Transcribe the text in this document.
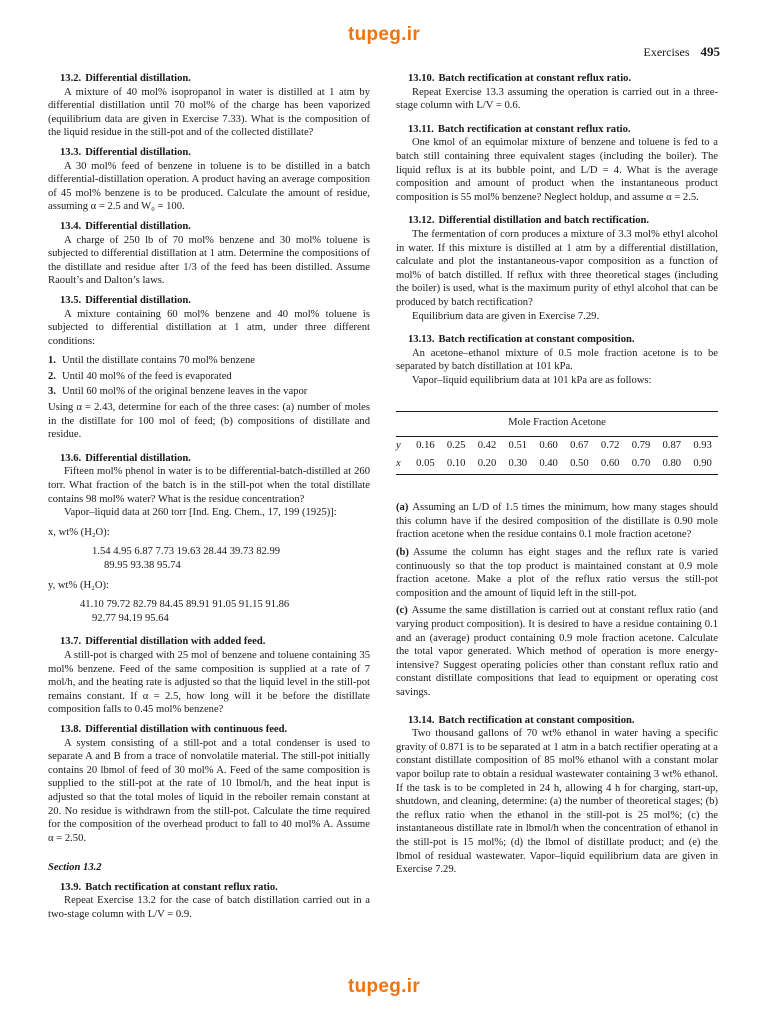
tupeg.ir
Exercises 495
13.2. Differential distillation.

A mixture of 40 mol% isopropanol in water is distilled at 1 atm by differential distillation until 70 mol% of the charge has been vaporized (equilibrium data are given in Exercise 7.33). What is the composition of the liquid residue in the still-pot and of the collected distillate?

13.3. Differential distillation.

A 30 mol% feed of benzene in toluene is to be distilled in a batch differential-distillation operation. A product having an average composition of 45 mol% benzene is to be produced. Calculate the amount of residue, assuming α = 2.5 and W₀ = 100.

13.4. Differential distillation.

A charge of 250 lb of 70 mol% benzene and 30 mol% toluene is subjected to differential distillation at 1 atm. Determine the compositions of the distillate and residue after 1/3 of the feed has been distilled. Assume Raoult’s and Dalton’s laws.

13.5. Differential distillation.

A mixture containing 60 mol% benzene and 40 mol% toluene is subjected to differential distillation at 1 atm, under three different conditions:

1. Until the distillate contains 70 mol% benzene
2. Until 40 mol% of the feed is evaporated
3. Until 60 mol% of the original benzene leaves in the vapor

Using α = 2.43, determine for each of the three cases: (a) number of moles in the distillate for 100 mol of feed; (b) compositions of distillate and residue.

13.6. Differential distillation.

Fifteen mol% phenol in water is to be differential-batch-distilled at 260 torr. What fraction of the batch is in the still-pot when the total distillate contains 98 mol% water? What is the residue concentration?

Vapor–liquid data at 260 torr [Ind. Eng. Chem., 17, 199 (1925)]:

x, wt% (H₂O):

1.54 4.95 6.87 7.73 19.63 28.44 39.73 82.99

89.95 93.38 95.74

y, wt% (H₂O):

41.10 79.72 82.79 84.45 89.91 91.05 91.15 91.86

92.77 94.19 95.64

13.7. Differential distillation with added feed.

A still-pot is charged with 25 mol of benzene and toluene containing 35 mol% benzene. Feed of the same composition is supplied at a rate of 7 mol/h, and the heating rate is adjusted so that the liquid level in the still-pot remains constant. If α = 2.5, how long will it be before the distillate composition falls to 0.45 mol% benzene?

13.8. Differential distillation with continuous feed.

A system consisting of a still-pot and a total condenser is used to separate A and B from a trace of nonvolatile material. The still-pot initially contains 20 lbmol of feed of 30 mol% A. Feed of the same composition is supplied to the still-pot at the rate of 10 lbmol/h, and the heat input is adjusted so that the total moles of liquid in the reboiler remain constant at 20. No residue is withdrawn from the still-pot. Calculate the time required for the composition of the overhead product to fall to 40 mol% A. Assume α = 2.50.

Section 13.2

13.9. Batch rectification at constant reflux ratio.

Repeat Exercise 13.2 for the case of batch distillation carried out in a two-stage column with L/V = 0.9.

13.10. Batch rectification at constant reflux ratio.

Repeat Exercise 13.3 assuming the operation is carried out in a three-stage column with L/V = 0.6.

13.11. Batch rectification at constant reflux ratio.

One kmol of an equimolar mixture of benzene and toluene is fed to a batch still containing three equivalent stages (including the boiler). The liquid reflux is at its bubble point, and L/D = 4. What is the average composition and amount of product when the instantaneous product composition is 55 mol% benzene? Neglect holdup, and assume α = 2.5.

13.12. Differential distillation and batch rectification.

The fermentation of corn produces a mixture of 3.3 mol% ethyl alcohol in water. If this mixture is distilled at 1 atm by a differential distillation, calculate and plot the instantaneous-vapor composition as a function of mol% of batch distilled. If reflux with three theoretical stages (including the boiler) is used, what is the maximum purity of ethyl alcohol that can be produced by batch rectification?

Equilibrium data are given in Exercise 7.29.

13.13. Batch rectification at constant composition.

An acetone–ethanol mixture of 0.5 mole fraction acetone is to be separated by batch distillation at 101 kPa.

Vapor–liquid equilibrium data at 101 kPa are as follows:

Mole Fraction Acetone										
y	0.16	0.25	0.42	0.51	0.60	0.67	0.72	0.79	0.87	0.93
x	0.05	0.10	0.20	0.30	0.40	0.50	0.60	0.70	0.80	0.90

(a) Assuming an L/D of 1.5 times the minimum, how many stages should this column have if the desired composition of the distillate is 0.90 mole fraction acetone when the residue contains 0.1 mole fraction acetone?

(b) Assume the column has eight stages and the reflux rate is varied continuously so that the top product is maintained constant at 0.9 mole fraction acetone. Make a plot of the reflux ratio versus the still-pot composition and the amount of liquid left in the still-pot.

(c) Assume the same distillation is carried out at constant reflux ratio (and varying product composition). It is desired to have a residue containing 0.1 and an (average) product containing 0.9 mole fraction acetone. Calculate the total vapor generated. Which method of operation is more energy-intensive? Suggest operating policies other than constant reflux ratio and constant distillate compositions that lead to equipment or operating cost savings.

13.14. Batch rectification at constant composition.

Two thousand gallons of 70 wt% ethanol in water having a specific gravity of 0.871 is to be separated at 1 atm in a batch rectifier operating at a constant distillate composition of 85 mol% ethanol with a constant molar vapor boilup rate to obtain a residual wastewater containing 3 wt% ethanol. If the task is to be completed in 24 h, allowing 4 h for charging, start-up, shutdown, and cleaning, determine: (a) the number of theoretical stages; (b) the reflux ratio when the ethanol in the still-pot is 25 mol%; (c) the instantaneous distillate rate in lbmol/h when the concentration of ethanol in the still-pot is 15 mol%; (d) the lbmol of distillate product; and (e) the lbmol of residual wastewater. Vapor–liquid equilibrium data are given in Exercise 7.29.

tupeg.ir
